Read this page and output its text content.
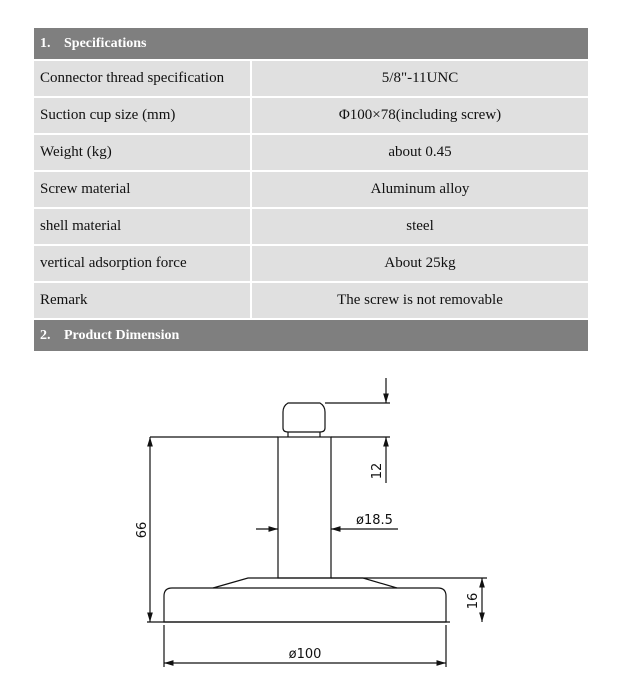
1. Specifications	
Connector thread specification	5/8"-11UNC
Suction cup size (mm)	Φ100×78(including screw)
Weight (kg)	about 0.45
Screw material	Aluminum alloy
shell material	steel
vertical adsorption force	About 25kg
Remark	The screw is not removable
2. Product Dimension	
66
12
ø18.5
16
ø100
